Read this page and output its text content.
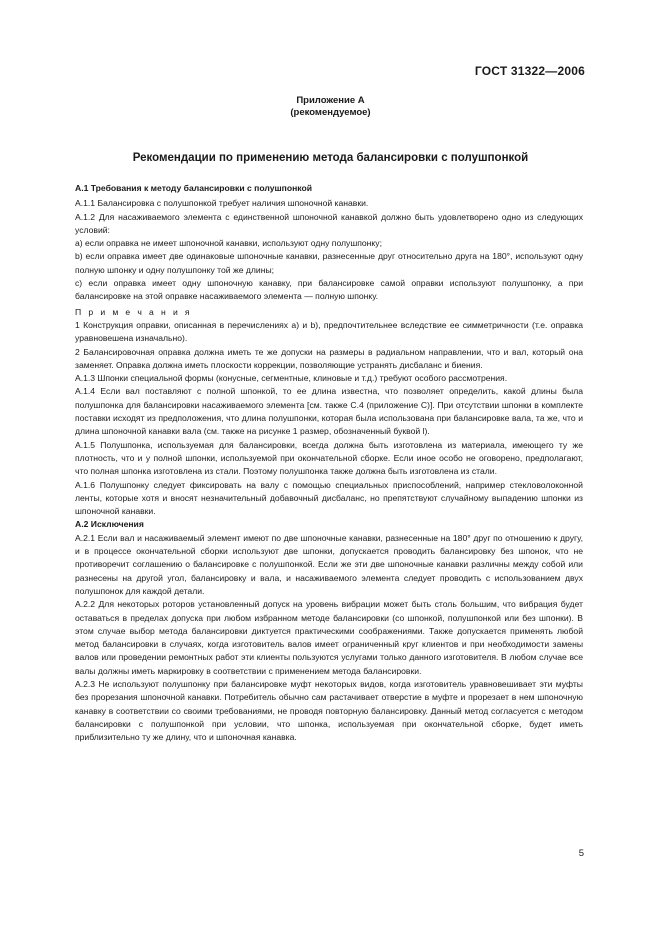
ГОСТ 31322—2006
Приложение А
(рекомендуемое)
Рекомендации по применению метода балансировки с полушпонкой

А.1 Требования к методу балансировки с полушпонкой

А.1.1 Балансировка с полушпонкой требует наличия шпоночной канавки.

А.1.2 Для насаживаемого элемента с единственной шпоночной канавкой должно быть удовлетворено одно из следующих условий:

a) если оправка не имеет шпоночной канавки, используют одну полушпонку;

b) если оправка имеет две одинаковые шпоночные канавки, разнесенные друг относительно друга на 180°, используют одну полную шпонку и одну полушпонку той же длины;

c) если оправка имеет одну шпоночную канавку, при балансировке самой оправки используют полушпонку, а при балансировке на этой оправке насаживаемого элемента — полную шпонку.

П р и м е ч а н и я

1 Конструкция оправки, описанная в перечислениях a) и b), предпочтительнее вследствие ее симметричности (т.е. оправка уравновешена изначально).

2 Балансировочная оправка должна иметь те же допуски на размеры в радиальном направлении, что и вал, который она заменяет. Оправка должна иметь плоскости коррекции, позволяющие устранять дисбаланс и биения.

А.1.3 Шпонки специальной формы (конусные, сегментные, клиновые и т.д.) требуют особого рассмотрения.

А.1.4 Если вал поставляют с полной шпонкой, то ее длина известна, что позволяет определить, какой длины была полушпонка для балансировки насаживаемого элемента [см. также С.4 (приложение С)]. При отсутствии шпонки в комплекте поставки исходят из предположения, что длина полушпонки, которая была использована при балансировке вала, та же, что и длина шпоночной канавки вала (см. также на рисунке 1 размер, обозначенный буквой l).

А.1.5 Полушпонка, используемая для балансировки, всегда должна быть изготовлена из материала, имеющего ту же плотность, что и у полной шпонки, используемой при окончательной сборке. Если иное особо не оговорено, предполагают, что полная шпонка изготовлена из стали. Поэтому полушпонка также должна быть изготовлена из стали.

А.1.6 Полушпонку следует фиксировать на валу с помощью специальных приспособлений, например стекловолоконной ленты, которые хотя и вносят незначительный добавочный дисбаланс, но препятствуют случайному выпадению шпонки из шпоночной канавки.

А.2 Исключения

А.2.1 Если вал и насаживаемый элемент имеют по две шпоночные канавки, разнесенные на 180° друг по отношению к другу, и в процессе окончательной сборки используют две шпонки, допускается проводить балансировку без шпонок, что не противоречит соглашению о балансировке с полушпонкой. Если же эти две шпоночные канавки различны между собой или разнесены на другой угол, балансировку и вала, и насаживаемого элемента следует проводить с использованием двух полушпонок для каждой детали.

А.2.2 Для некоторых роторов установленный допуск на уровень вибрации может быть столь большим, что вибрация будет оставаться в пределах допуска при любом избранном методе балансировки (со шпонкой, полушпонкой или без шпонки). В этом случае выбор метода балансировки диктуется практическими соображениями. Также допускается применять любой метод балансировки в случаях, когда изготовитель валов имеет ограниченный круг клиентов и при необходимости замены валов или проведении ремонтных работ эти клиенты пользуются услугами только данного изготовителя. В любом случае все валы должны иметь маркировку в соответствии с применением метода балансировки.

А.2.3 Не используют полушпонку при балансировке муфт некоторых видов, когда изготовитель уравновешивает эти муфты без прорезания шпоночной канавки. Потребитель обычно сам растачивает отверстие в муфте и прорезает в нем шпоночную канавку в соответствии со своими требованиями, не проводя повторную балансировку. Данный метод согласуется с методом балансировки с полушпонкой при условии, что шпонка, используемая при окончательной сборке, будет иметь приблизительно ту же длину, что и шпоночная канавка.

5
